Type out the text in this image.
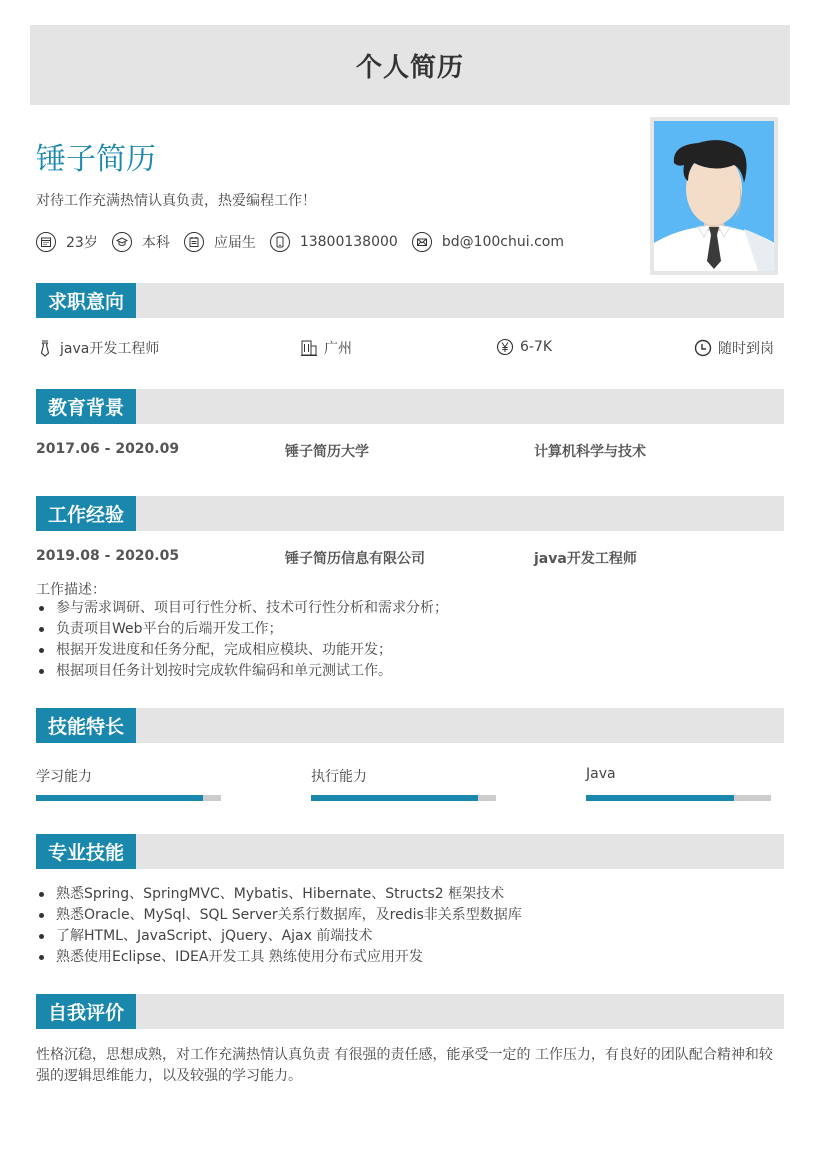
个人简历
锤子简历
对待工作充满热情认真负责，热爱编程工作！
23岁	本科	应届生	13800138000	bd@100chui.com
求职意向
java开发工程师	广州	6-7K	随时到岗
教育背景
2017.06 - 2020.09	锤子简历大学	计算机科学与技术
工作经验
2019.08 - 2020.05	锤子简历信息有限公司	java开发工程师
工作描述：
参与需求调研、项目可行性分析、技术可行性分析和需求分析；
负责项目Web平台的后端开发工作；
根据开发进度和任务分配，完成相应模块、功能开发；
根据项目任务计划按时完成软件编码和单元测试工作。
技能特长
学习能力	执行能力	Java
专业技能
熟悉Spring、SpringMVC、Mybatis、Hibernate、Structs2 框架技术
熟悉Oracle、MySql、SQL Server关系行数据库，及redis非关系型数据库
了解HTML、JavaScript、jQuery、Ajax 前端技术
熟悉使用Eclipse、IDEA开发工具 熟练使用分布式应用开发
自我评价
性格沉稳，思想成熟，对工作充满热情认真负责 有很强的责任感，能承受一定的 工作压力，有良好的团队配合精神和较强的逻辑思维能力，以及较强的学习能力。
